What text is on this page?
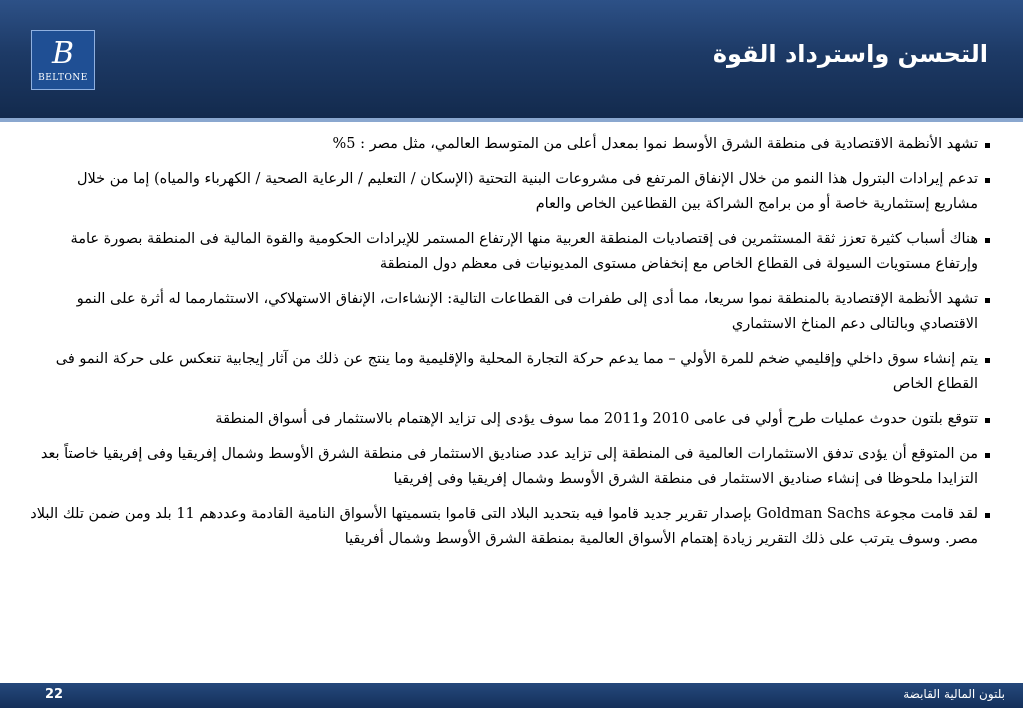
B
BELTONE
التحسن واسترداد القوة
تشهد الأنظمة الاقتصادية فى منطقة الشرق الأوسط نموا بمعدل أعلى من المتوسط العالمي، مثل مصر : 5%
تدعم إيرادات البترول هذا النمو من خلال الإنفاق المرتفع فى مشروعات البنية التحتية (الإسكان / التعليم / الرعاية الصحية / الكهرباء والمياه) إما من خلال مشاريع إستثمارية خاصة أو من برامج الشراكة بين القطاعين الخاص والعام
هناك أسباب كثيرة تعزز ثقة المستثمرين فى إقتصاديات المنطقة العربية منها الإرتفاع المستمر للإيرادات الحكومية والقوة المالية فى المنطقة بصورة عامة وإرتفاع مستويات السيولة فى القطاع الخاص مع إنخفاض مستوى المديونيات فى معظم دول المنطقة
تشهد الأنظمة الإقتصادية بالمنطقة نموا سريعا، مما أدى إلى طفرات فى القطاعات التالية: الإنشاءات، الإنفاق الاستهلاكي، الاستثمارمما له أثرة على النمو الاقتصادي وبالتالى دعم المناخ الاستثماري
يتم إنشاء سوق داخلي وإقليمي ضخم للمرة الأولي – مما يدعم حركة التجارة المحلية والإقليمية وما ينتج عن ذلك من آثار إيجابية تنعكس على حركة النمو فى القطاع الخاص
تتوقع بلتون حدوث عمليات طرح أولي فى عامى 2010 و2011 مما سوف يؤدى إلى تزايد الإهتمام بالاستثمار فى أسواق المنطقة
من المتوقع أن يؤدى تدفق الاستثمارات العالمية فى المنطقة إلى تزايد عدد صناديق الاستثمار فى منطقة الشرق الأوسط وشمال إفريقيا وفى إفريقيا خاصتاً بعد التزايدا ملحوظا فى إنشاء صناديق الاستثمار فى منطقة الشرق الأوسط وشمال إفريقيا وفى إفريقيا
لقد قامت مجوعة Goldman Sachs بإصدار تقرير جديد قاموا فيه بتحديد البلاد التى قاموا بتسميتها الأسواق النامية القادمة وعددهم 11 بلد ومن ضمن تلك البلاد مصر. وسوف يترتب على ذلك التقرير زيادة إهتمام الأسواق العالمية بمنطقة الشرق الأوسط وشمال أفريقيا
22	بلتون المالية القابضة
